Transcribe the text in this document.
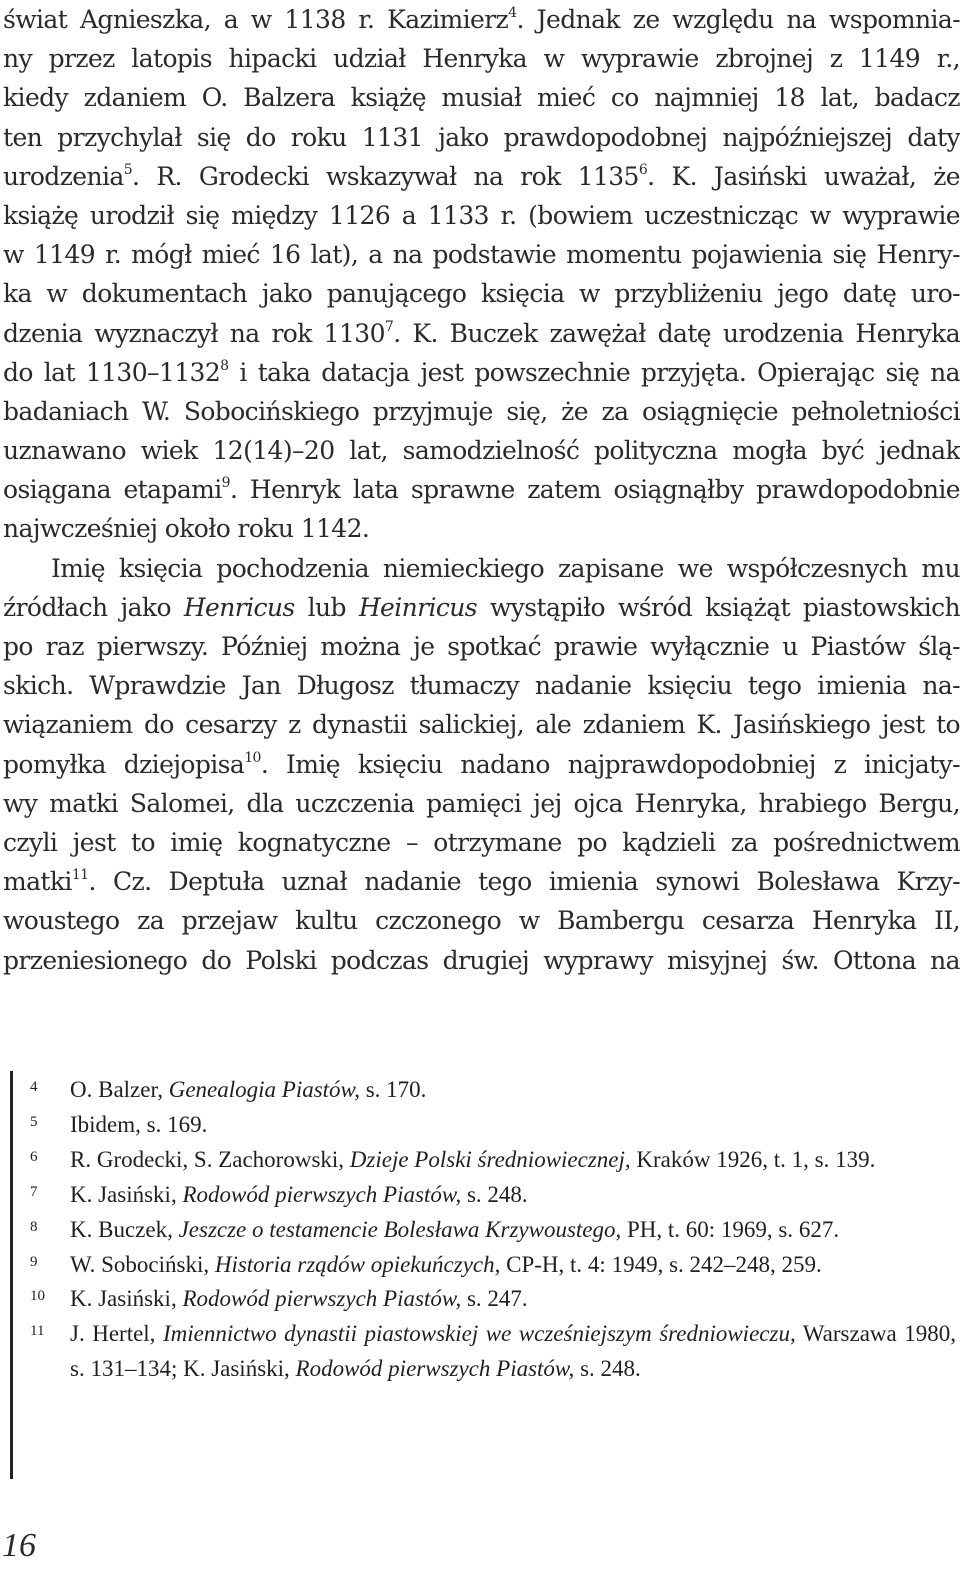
świat Agnieszka, a w 1138 r. Kazimierz$^4$. Jednak ze względu na wspomnia-
ny przez latopis hipacki udział Henryka w wyprawie zbrojnej z 1149 r.,
kiedy zdaniem O. Balzera książę musiał mieć co najmniej 18 lat, badacz
ten przychylał się do roku 1131 jako prawdopodobnej najpóźniejszej daty
urodzenia$^5$. R. Grodecki wskazywał na rok 1135$^6$. K. Jasiński uważał, że
książę urodził się między 1126 a 1133 r. (bowiem uczestnicząc w wyprawie
w 1149 r. mógł mieć 16 lat), a na podstawie momentu pojawienia się Henry-
ka w dokumentach jako panującego księcia w przybliżeniu jego datę uro-
dzenia wyznaczył na rok 1130$^7$. K. Buczek zawężał datę urodzenia Henryka
do lat 1130–1132$^8$ i taka datacja jest powszechnie przyjęta. Opierając się na
badaniach W. Sobocińskiego przyjmuje się, że za osiągnięcie pełnoletniości
uznawano wiek 12(14)–20 lat, samodzielność polityczna mogła być jednak
osiągana etapami$^9$. Henryk lata sprawne zatem osiągnąłby prawdopodobnie
najwcześniej około roku 1142.
Imię księcia pochodzenia niemieckiego zapisane we współczesnych mu
źródłach jako Henricus lub Heinricus wystąpiło wśród książąt piastowskich
po raz pierwszy. Później można je spotkać prawie wyłącznie u Piastów ślą-
skich. Wprawdzie Jan Długosz tłumaczy nadanie księciu tego imienia na-
wiązaniem do cesarzy z dynastii salickiej, ale zdaniem K. Jasińskiego jest to
pomyłka dziejopisa$^{10}$. Imię księciu nadano najprawdopodobniej z inicjaty-
wy matki Salomei, dla uczczenia pamięci jej ojca Henryka, hrabiego Bergu,
czyli jest to imię kognatyczne – otrzymane po kądzieli za pośrednictwem
matki$^{11}$. Cz. Deptuła uznał nadanie tego imienia synowi Bolesława Krzy-
woustego za przejaw kultu czczonego w Bambergu cesarza Henryka II,
przeniesionego do Polski podczas drugiej wyprawy misyjnej św. Ottona na
4	O. Balzer, Genealogia Piastów, s. 170.
5	Ibidem, s. 169.
6	R. Grodecki, S. Zachorowski, Dzieje Polski średniowiecznej, Kraków 1926, t. 1, s. 139.
7	K. Jasiński, Rodowód pierwszych Piastów, s. 248.
8	K. Buczek, Jeszcze o testamencie Bolesława Krzywoustego, PH, t. 60: 1969, s. 627.
9	W. Sobociński, Historia rządów opiekuńczych, CP-H, t. 4: 1949, s. 242–248, 259.
10	K. Jasiński, Rodowód pierwszych Piastów, s. 247.
11	J. Hertel, Imiennictwo dynastii piastowskiej we wcześniejszym średniowieczu, Warszawa 1980, s. 131–134; K. Jasiński, Rodowód pierwszych Piastów, s. 248.
16
